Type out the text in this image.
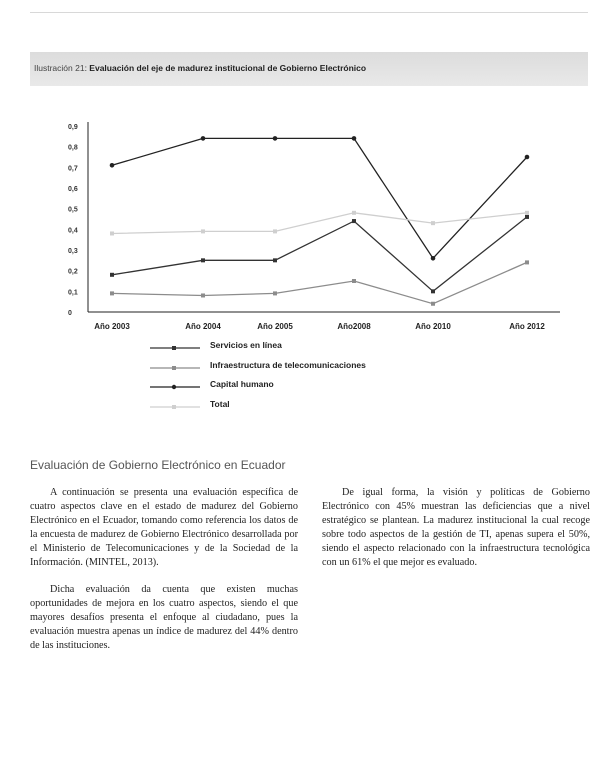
Ilustración 21: Evaluación del eje de madurez institucional de Gobierno Electrónico
0,9
0,8
0,7
0,6
0,5
0,4
0,3
0,2
0,1
0
Año 2003	Año 2004	Año 2005	Año2008	Año 2010	Año 2012
Servicios en línea
Infraestructura de telecomunicaciones
Capital humano
Total
Evaluación de Gobierno Electrónico en Ecuador

A continuación se presenta una evaluación específica de cuatro aspectos clave en el estado de madurez del Gobierno Electrónico en el Ecuador, tomando como referencia los datos de la encuesta de madurez de Gobierno Electrónico desarrollada por el Ministerio de Telecomunicaciones y de la Sociedad de la Información. (MINTEL, 2013).

Dicha evaluación da cuenta que existen muchas oportunidades de mejora en los cuatro aspectos, siendo el que mayores desafíos presenta el enfoque al ciudadano, pues la evaluación muestra apenas un índice de madurez del 44% dentro de las instituciones.

De igual forma, la visión y políticas de Gobierno Electrónico con 45% muestran las deficiencias que a nivel estratégico se plantean. La madurez institucional la cual recoge sobre todo aspectos de la gestión de TI, apenas supera el 50%, siendo el aspecto relacionado con la infraestructura tecnológica con un 61% el que mejor es evaluado.
